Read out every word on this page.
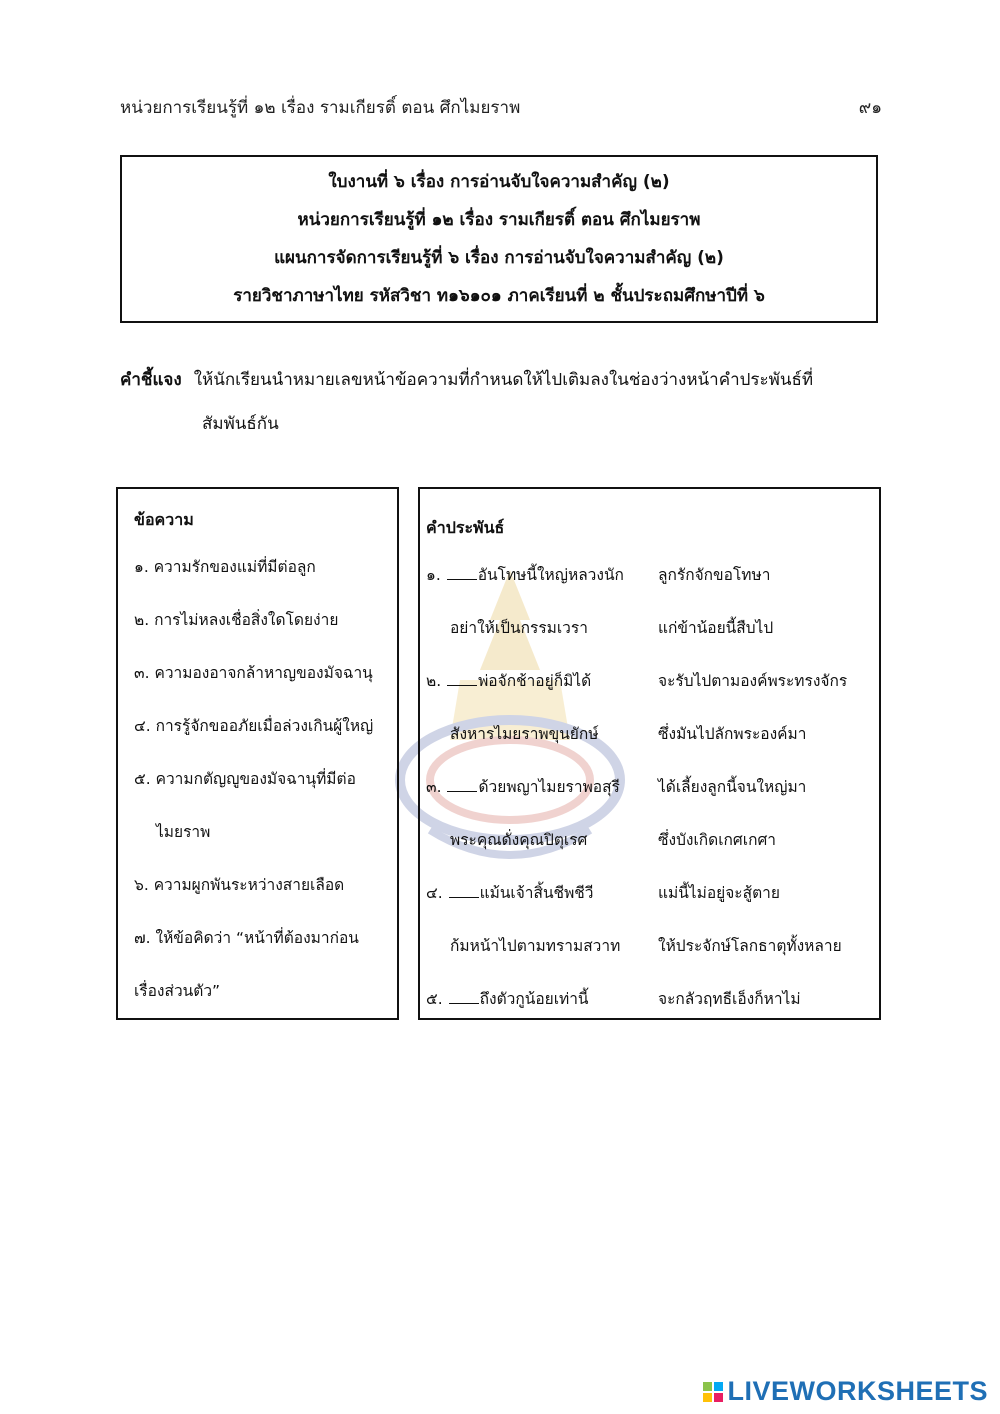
หน่วยการเรียนรู้ที่ ๑๒ เรื่อง รามเกียรติ์ ตอน ศึกไมยราพ	๙๑
ใบงานที่ ๖ เรื่อง การอ่านจับใจความสำคัญ (๒)
หน่วยการเรียนรู้ที่ ๑๒ เรื่อง รามเกียรติ์ ตอน ศึกไมยราพ
แผนการจัดการเรียนรู้ที่ ๖ เรื่อง การอ่านจับใจความสำคัญ (๒)
รายวิชาภาษาไทย รหัสวิชา ท๑๖๑๐๑ ภาคเรียนที่ ๒ ชั้นประถมศึกษาปีที่ ๖
คำชี้แจง ให้นักเรียนนำหมายเลขหน้าข้อความที่กำหนดให้ไปเติมลงในช่องว่างหน้าคำประพันธ์ที่
สัมพันธ์กัน
ข้อความ
๑. ความรักของแม่ที่มีต่อลูก
๒. การไม่หลงเชื่อสิ่งใดโดยง่าย
๓. ความองอาจกล้าหาญของมัจฉานุ
๔. การรู้จักขออภัยเมื่อล่วงเกินผู้ใหญ่
๕. ความกตัญญูของมัจฉานุที่มีต่อ
ไมยราพ
๖. ความผูกพันระหว่างสายเลือด
๗. ให้ข้อคิดว่า “หน้าที่ต้องมาก่อน
เรื่องส่วนตัว”
คำประพันธ์
๑. อันโทษนี้ใหญ่หลวงนัก	ลูกรักจักขอโทษา
อย่าให้เป็นกรรมเวรา	แก่ข้าน้อยนี้สืบไป
๒. พ่อจักช้าอยู่ก็มิได้	จะรับไปตามองค์พระทรงจักร
สังหารไมยราพขุนยักษ์	ซึ่งมันไปลักพระองค์มา
๓. ด้วยพญาไมยราพอสุรี	ได้เลี้ยงลูกนี้จนใหญ่มา
พระคุณดั่งคุณปิตุเรศ	ซึ่งบังเกิดเกศเกศา
๔. แม้นเจ้าสิ้นชีพชีวี	แม่นี้ไม่อยู่จะสู้ตาย
ก้มหน้าไปตามทรามสวาท	ให้ประจักษ์โลกธาตุทั้งหลาย
๕. ถึงตัวกูน้อยเท่านี้	จะกลัวฤทธีเอ็งก็หาไม่
LIVEWORKSHEETS
